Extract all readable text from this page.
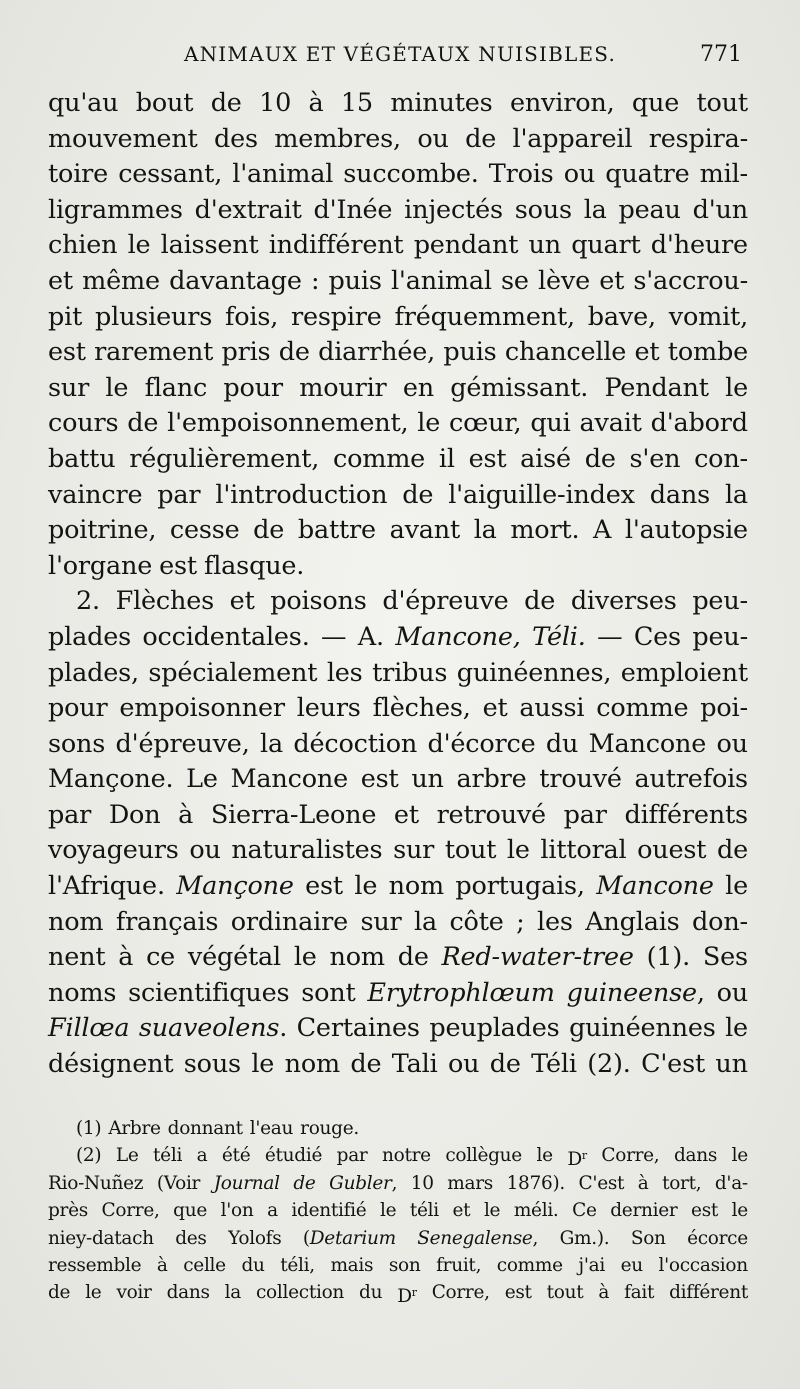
ANIMAUX ET VÉGÉTAUX NUISIBLES.	771
qu'au bout de 10 à 15 minutes environ, que tout
mouvement des membres, ou de l'appareil respira-
toire cessant, l'animal succombe. Trois ou quatre mil-
ligrammes d'extrait d'Inée injectés sous la peau d'un
chien le laissent indifférent pendant un quart d'heure
et même davantage : puis l'animal se lève et s'accrou-
pit plusieurs fois, respire fréquemment, bave, vomit,
est rarement pris de diarrhée, puis chancelle et tombe
sur le flanc pour mourir en gémissant. Pendant le
cours de l'empoisonnement, le cœur, qui avait d'abord
battu régulièrement, comme il est aisé de s'en con-
vaincre par l'introduction de l'aiguille-index dans la
poitrine, cesse de battre avant la mort. A l'autopsie
l'organe est flasque.
2. Flèches et poisons d'épreuve de diverses peu-
plades occidentales. — A. Mancone, Téli. — Ces peu-
plades, spécialement les tribus guinéennes, emploient
pour empoisonner leurs flèches, et aussi comme poi-
sons d'épreuve, la décoction d'écorce du Mancone ou
Mançone. Le Mancone est un arbre trouvé autrefois
par Don à Sierra-Leone et retrouvé par différents
voyageurs ou naturalistes sur tout le littoral ouest de
l'Afrique. Mançone est le nom portugais, Mancone le
nom français ordinaire sur la côte ; les Anglais don-
nent à ce végétal le nom de Red-water-tree (1). Ses
noms scientifiques sont Erytrophlœum guineense, ou
Fillœa suaveolens. Certaines peuplades guinéennes le
désignent sous le nom de Tali ou de Téli (2). C'est un
(1) Arbre donnant l'eau rouge.
(2) Le téli a été étudié par notre collègue le $D^r$ Corre, dans le
Rio-Nuñez (Voir Journal de Gubler, 10 mars 1876). C'est à tort, d'a-
près Corre, que l'on a identifié le téli et le méli. Ce dernier est le
niey-datach des Yolofs (Detarium Senegalense, Gm.). Son écorce
ressemble à celle du téli, mais son fruit, comme j'ai eu l'occasion
de le voir dans la collection du $D^r$ Corre, est tout à fait différent
